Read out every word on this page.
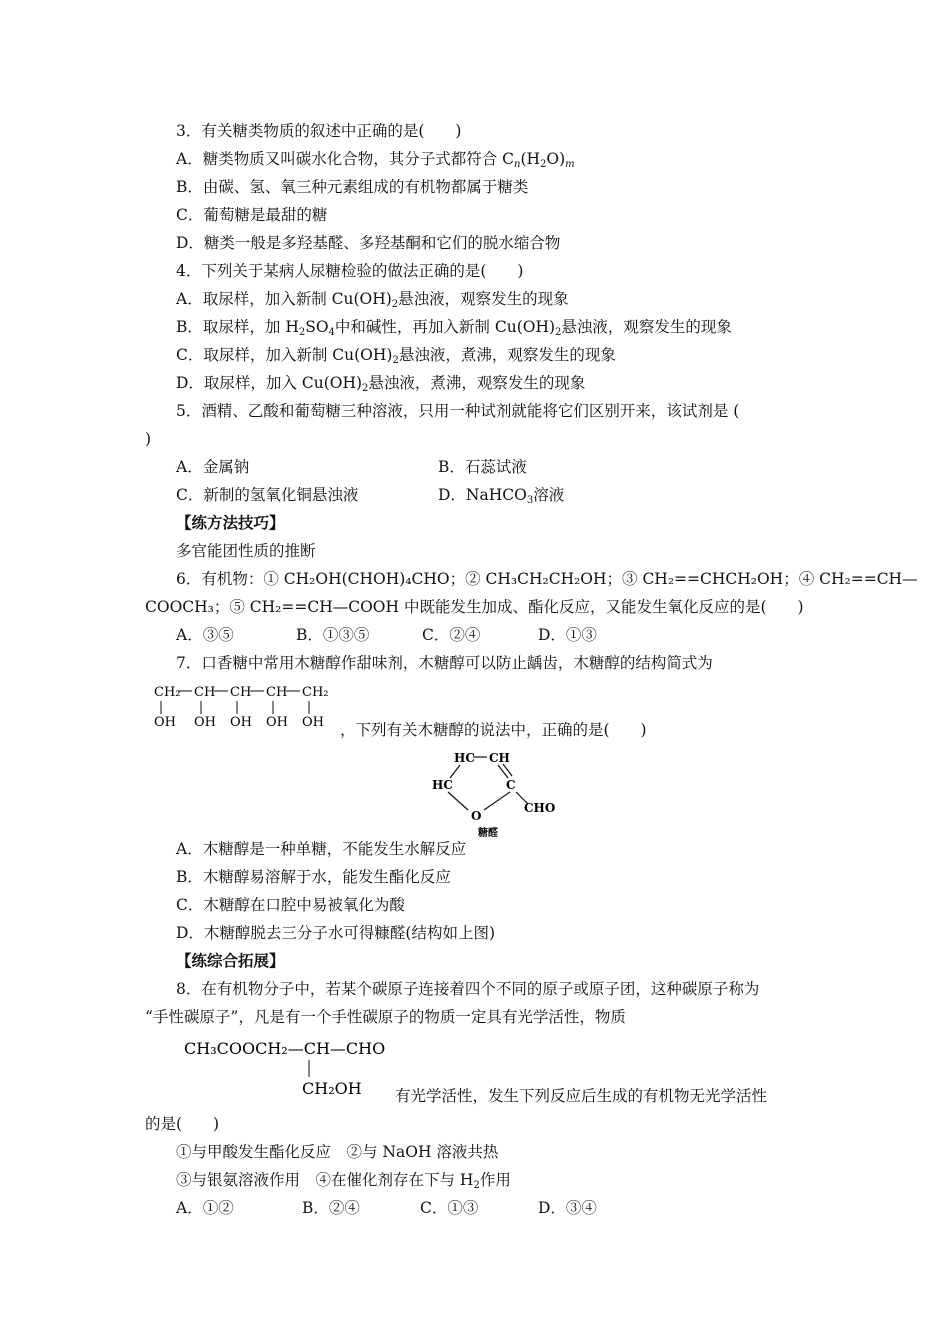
3．有关糖类物质的叙述中正确的是(　　)
A．糖类物质又叫碳水化合物，其分子式都符合 $C_n(H_2O)_m$
B．由碳、氢、氧三种元素组成的有机物都属于糖类
C．葡萄糖是最甜的糖
D．糖类一般是多羟基醛、多羟基酮和它们的脱水缩合物
4．下列关于某病人尿糖检验的做法正确的是(　　)
A．取尿样，加入新制 $Cu(OH)_2$悬浊液，观察发生的现象
B．取尿样，加 $H_2SO_4$中和碱性，再加入新制 $Cu(OH)_2$悬浊液，观察发生的现象
C．取尿样，加入新制 $Cu(OH)_2$悬浊液，煮沸，观察发生的现象
D．取尿样，加入 $Cu(OH)_2$悬浊液，煮沸，观察发生的现象
5．酒精、乙酸和葡萄糖三种溶液，只用一种试剂就能将它们区别开来，该试剂是 (
)
A．金属钠	B．石蕊试液
C．新制的氢氧化铜悬浊液	D．NaHCO$_3$溶液
【练方法技巧】
多官能团性质的推断
6．有机物：① CH₂OH(CHOH)₄CHO；② CH₃CH₂CH₂OH；③ CH₂==CHCH₂OH；④ CH₂==CH—
COOCH₃；⑤ CH₂==CH—COOH 中既能发生加成、酯化反应，又能发生氧化反应的是(　　)
A．③⑤	B．①③⑤	C．②④	D．①③
7．口香糖中常用木糖醇作甜味剂，木糖醇可以防止龋齿，木糖醇的结构简式为
CH₂ CH CH CH CH₂
OH OH OH OH OH ，下列有关木糖醇的说法中，正确的是(　　)
HC CH
HC	C
O
CHO
糖醛
A．木糖醇是一种单糖，不能发生水解反应
B．木糖醇易溶解于水，能发生酯化反应
C．木糖醇在口腔中易被氧化为酸
D．木糖醇脱去三分子水可得糠醛(结构如上图)
【练综合拓展】
8．在有机物分子中，若某个碳原子连接着四个不同的原子或原子团，这种碳原子称为
“手性碳原子”，凡是有一个手性碳原子的物质一定具有光学活性，物质
CH₃COOCH₂—CH—CHO
CH₂OH 有光学活性，发生下列反应后生成的有机物无光学活性
的是(　　)
①与甲酸发生酯化反应　②与 NaOH 溶液共热
③与银氨溶液作用　④在催化剂存在下与 $H_2$作用
A．①②	B．②④	C．①③	D．③④
